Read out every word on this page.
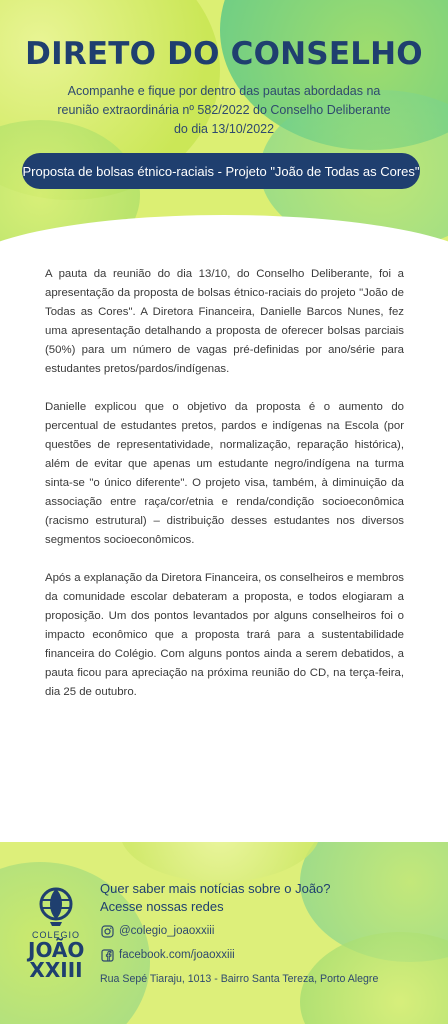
DIRETO DO CONSELHO

Acompanhe e fique por dentro das pautas abordadas na reunião extraordinária nº 582/2022 do Conselho Deliberante do dia 13/10/2022

Proposta de bolsas étnico-raciais - Projeto "João de Todas as Cores"

A pauta da reunião do dia 13/10, do Conselho Deliberante, foi a apresentação da proposta de bolsas étnico-raciais do projeto "João de Todas as Cores". A Diretora Financeira, Danielle Barcos Nunes, fez uma apresentação detalhando a proposta de oferecer bolsas parciais (50%) para um número de vagas pré-definidas por ano/série para estudantes pretos/pardos/indígenas.

Danielle explicou que o objetivo da proposta é o aumento do percentual de estudantes pretos, pardos e indígenas na Escola (por questões de representatividade, normalização, reparação histórica), além de evitar que apenas um estudante negro/indígena na turma sinta-se "o único diferente". O projeto visa, também, à diminuição da associação entre raça/cor/etnia e renda/condição socioeconômica (racismo estrutural) – distribuição desses estudantes nos diversos segmentos socioeconômicos.

Após a explanação da Diretora Financeira, os conselheiros e membros da comunidade escolar debateram a proposta, e todos elogiaram a proposição. Um dos pontos levantados por alguns conselheiros foi o impacto econômico que a proposta trará para a sustentabilidade financeira do Colégio. Com alguns pontos ainda a serem debatidos, a pauta ficou para apreciação na próxima reunião do CD, na terça-feira, dia 25 de outubro.

COLEGIO
JOÃO
XXIII
Quer saber mais notícias sobre o João?
Acesse nossas redes
@colegio_joaoxxiii
facebook.com/joaoxxiii
Rua Sepé Tiaraju, 1013 - Bairro Santa Tereza, Porto Alegre
